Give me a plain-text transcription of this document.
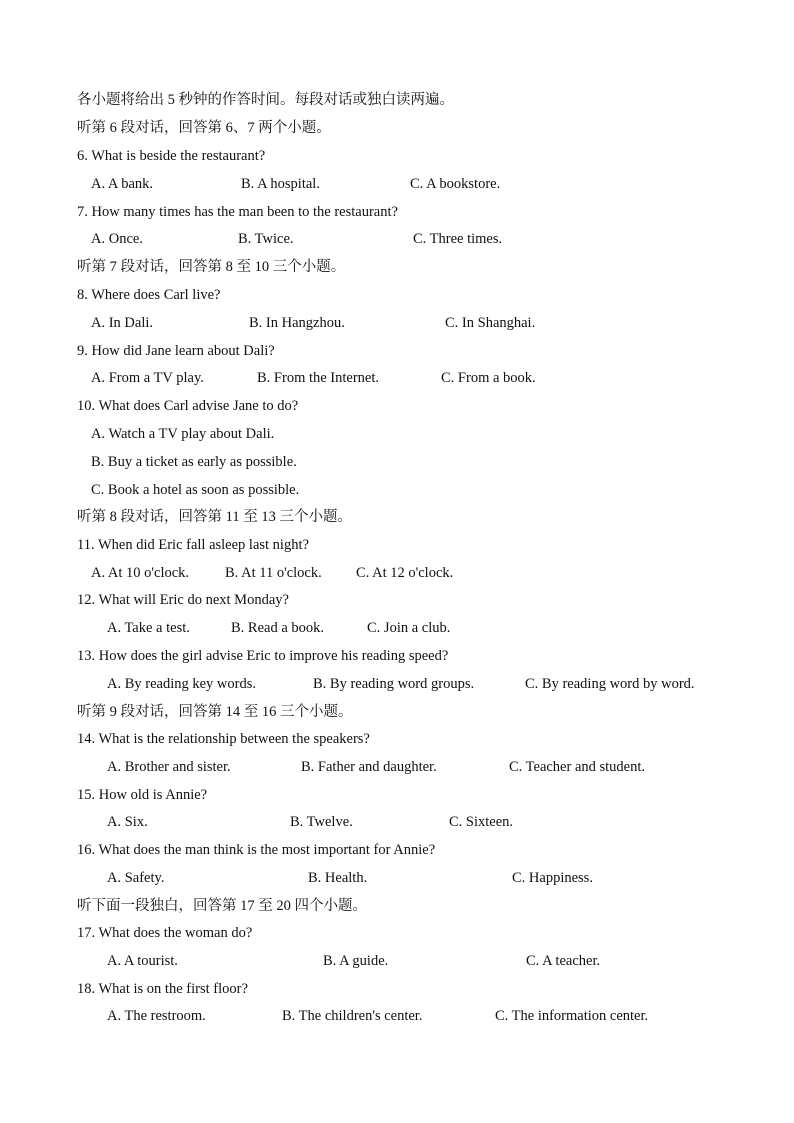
各小题将给出 5 秒钟的作答时间。每段对话或独白读两遍。
听第 6 段对话，回答第 6、7 两个小题。
6. What is beside the restaurant?
A. A bank.	B. A hospital.	C. A bookstore.
7. How many times has the man been to the restaurant?
A. Once.	B. Twice.	C. Three times.
听第 7 段对话，回答第 8 至 10 三个小题。
8. Where does Carl live?
A. In Dali.	B. In Hangzhou.	C. In Shanghai.
9. How did Jane learn about Dali?
A. From a TV play.	B. From the Internet.	C. From a book.
10. What does Carl advise Jane to do?
A. Watch a TV play about Dali.
B. Buy a ticket as early as possible.
C. Book a hotel as soon as possible.
听第 8 段对话，回答第 11 至 13 三个小题。
11. When did Eric fall asleep last night?
A. At 10 o'clock. B. At 11 o'clock. C. At 12 o'clock.
12. What will Eric do next Monday?
A. Take a test.	B. Read a book.	C. Join a club.
13. How does the girl advise Eric to improve his reading speed?
A. By reading key words.	B. By reading word groups.	C. By reading word by word.
听第 9 段对话，回答第 14 至 16 三个小题。
14. What is the relationship between the speakers?
A. Brother and sister.	B. Father and daughter.	C. Teacher and student.
15. How old is Annie?
A. Six.	B. Twelve.	C. Sixteen.
16. What does the man think is the most important for Annie?
A. Safety.	B. Health.	C. Happiness.
听下面一段独白，回答第 17 至 20 四个小题。
17. What does the woman do?
A. A tourist.	B. A guide.	C. A teacher.
18. What is on the first floor?
A. The restroom.	B. The children's center.	C. The information center.
